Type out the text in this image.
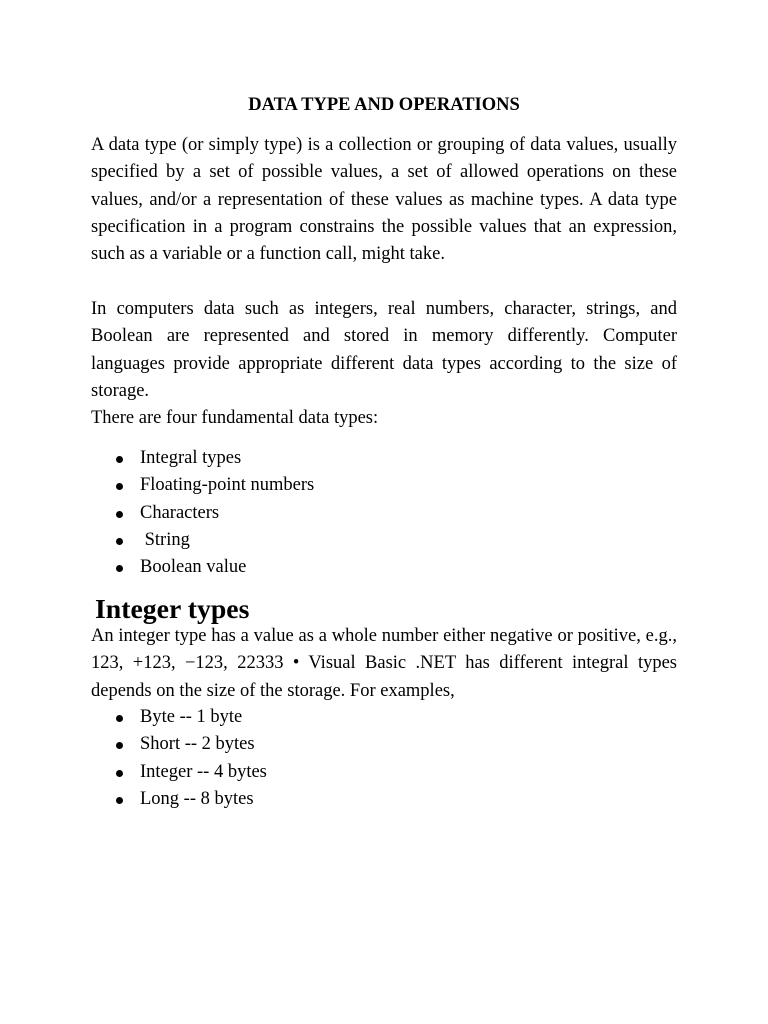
DATA TYPE AND OPERATIONS

A data type (or simply type) is a collection or grouping of data values, usually specified by a set of possible values, a set of allowed operations on these values, and/or a representation of these values as machine types. A data type specification in a program constrains the possible values that an expression, such as a variable or a function call, might take.

In computers data such as integers, real numbers, character, strings, and Boolean are represented and stored in memory differently. Computer languages provide appropriate different data types according to the size of storage.

There are four fundamental data types:

Integral types
Floating-point numbers
Characters
String
Boolean value
Integer types

An integer type has a value as a whole number either negative or positive, e.g., 123, +123, −123, 22333 • Visual Basic .NET has different integral types depends on the size of the storage. For examples,

Byte -- 1 byte
Short -- 2 bytes
Integer -- 4 bytes
Long -- 8 bytes
